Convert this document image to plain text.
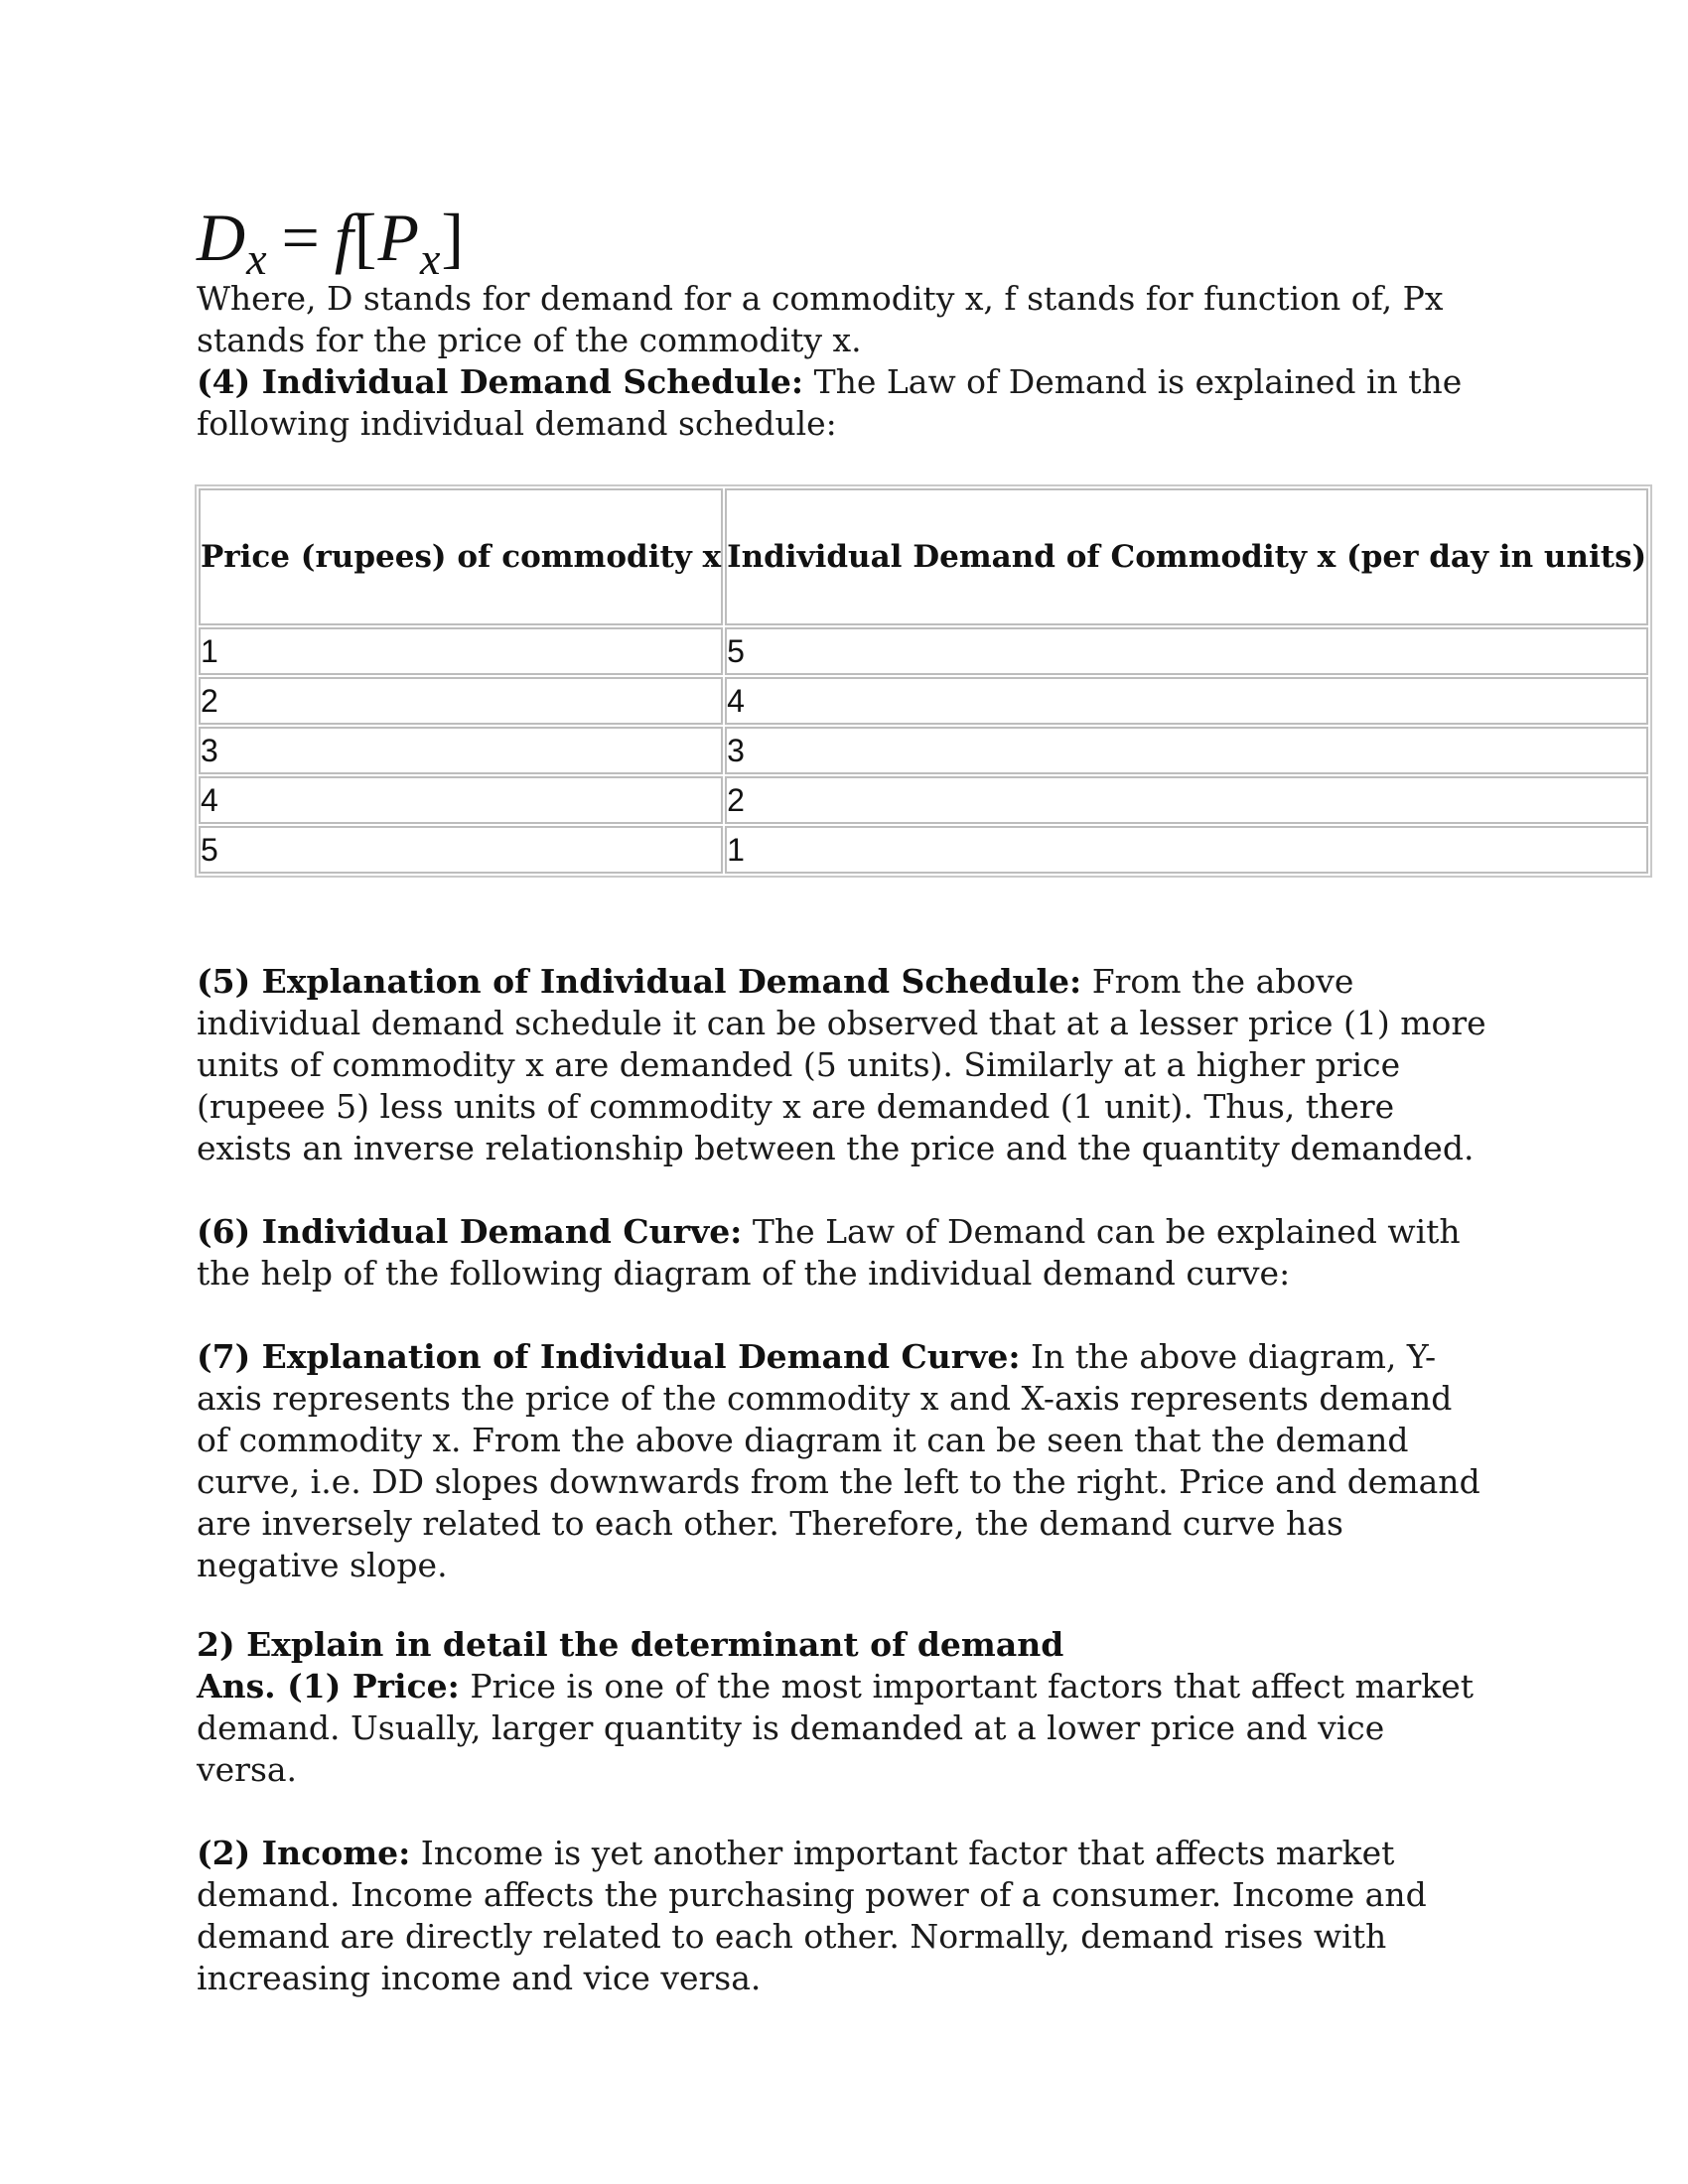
$D_x = f[P_x]$

Where, D stands for demand for a commodity x, f stands for function of, Px stands for the price of the commodity x.

(4) Individual Demand Schedule: The Law of Demand is explained in the following individual demand schedule:

Price (rupees) of commodity x	Individual Demand of Commodity x (per day in units)
1	5
2	4
3	3
4	2
5	1

(5) Explanation of Individual Demand Schedule: From the above individual demand schedule it can be observed that at a lesser price (1) more units of commodity x are demanded (5 units). Similarly at a higher price (rupeee 5) less units of commodity x are demanded (1 unit). Thus, there exists an inverse relationship between the price and the quantity demanded.

(6) Individual Demand Curve: The Law of Demand can be explained with the help of the following diagram of the individual demand curve:

(7) Explanation of Individual Demand Curve: In the above diagram, Y-axis represents the price of the commodity x and X-axis represents demand of commodity x. From the above diagram it can be seen that the demand curve, i.e. DD slopes downwards from the left to the right. Price and demand are inversely related to each other. Therefore, the demand curve has negative slope.

2) Explain in detail the determinant of demand

Ans. (1) Price: Price is one of the most important factors that affect market demand. Usually, larger quantity is demanded at a lower price and vice versa.

(2) Income: Income is yet another important factor that affects market demand. Income affects the purchasing power of a consumer. Income and demand are directly related to each other. Normally, demand rises with increasing income and vice versa.
